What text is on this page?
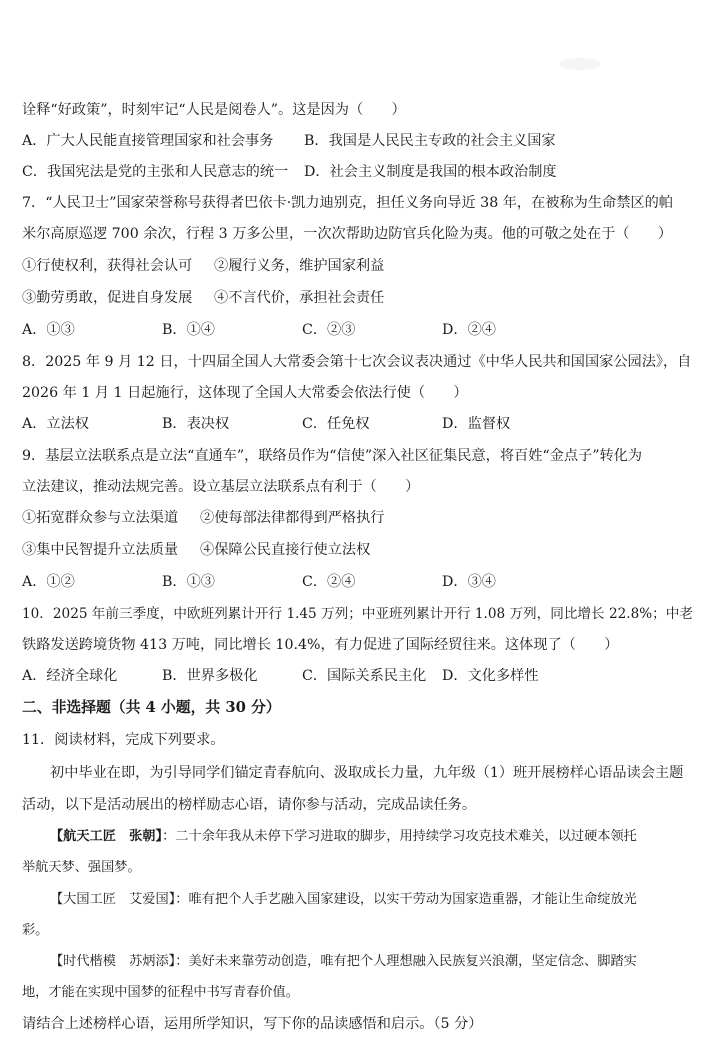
诠释“好政策”，时刻牢记“人民是阅卷人”。这是因为（　　）
A．广大人民能直接管理国家和社会事务	B．我国是人民民主专政的社会主义国家
C．我国宪法是党的主张和人民意志的统一	D．社会主义制度是我国的根本政治制度
7．“人民卫士”国家荣誉称号获得者巴依卡·凯力迪别克，担任义务向导近 38 年，在被称为生命禁区的帕
米尔高原巡逻 700 余次，行程 3 万多公里，一次次帮助边防官兵化险为夷。他的可敬之处在于（　　）
①行使权利，获得社会认可	②履行义务，维护国家利益
③勤劳勇敢，促进自身发展	④不言代价，承担社会责任
A．①③	B．①④	C．②③	D．②④
8．2025 年 9 月 12 日，十四届全国人大常委会第十七次会议表决通过《中华人民共和国国家公园法》，自
2026 年 1 月 1 日起施行，这体现了全国人大常委会依法行使（　　）
A．立法权	B．表决权	C．任免权	D．监督权
9．基层立法联系点是立法“直通车”，联络员作为“信使”深入社区征集民意，将百姓“金点子”转化为
立法建议，推动法规完善。设立基层立法联系点有利于（　　）
①拓宽群众参与立法渠道	②使每部法律都得到严格执行
③集中民智提升立法质量	④保障公民直接行使立法权
A．①②	B．①③	C．②④	D．③④
10．2025 年前三季度，中欧班列累计开行 1.45 万列；中亚班列累计开行 1.08 万列，同比增长 22.8%；中老
铁路发送跨境货物 413 万吨，同比增长 10.4%，有力促进了国际经贸往来。这体现了（　　）
A．经济全球化	B．世界多极化	C．国际关系民主化	D．文化多样性
二、非选择题（共 4 小题，共 30 分）
11．阅读材料，完成下列要求。
初中毕业在即，为引导同学们锚定青春航向、汲取成长力量，九年级（1）班开展榜样心语品读会主题
活动，以下是活动展出的榜样励志心语，请你参与活动，完成品读任务。
【航天工匠　张朝】：二十余年我从未停下学习进取的脚步，用持续学习攻克技术难关，以过硬本领托
举航天梦、强国梦。
【大国工匠　艾爱国】：唯有把个人手艺融入国家建设，以实干劳动为国家造重器，才能让生命绽放光
彩。
【时代楷模　苏炳添】：美好未来靠劳动创造，唯有把个人理想融入民族复兴浪潮，坚定信念、脚踏实
地，才能在实现中国梦的征程中书写青春价值。
请结合上述榜样心语，运用所学知识，写下你的品读感悟和启示。（5 分）
